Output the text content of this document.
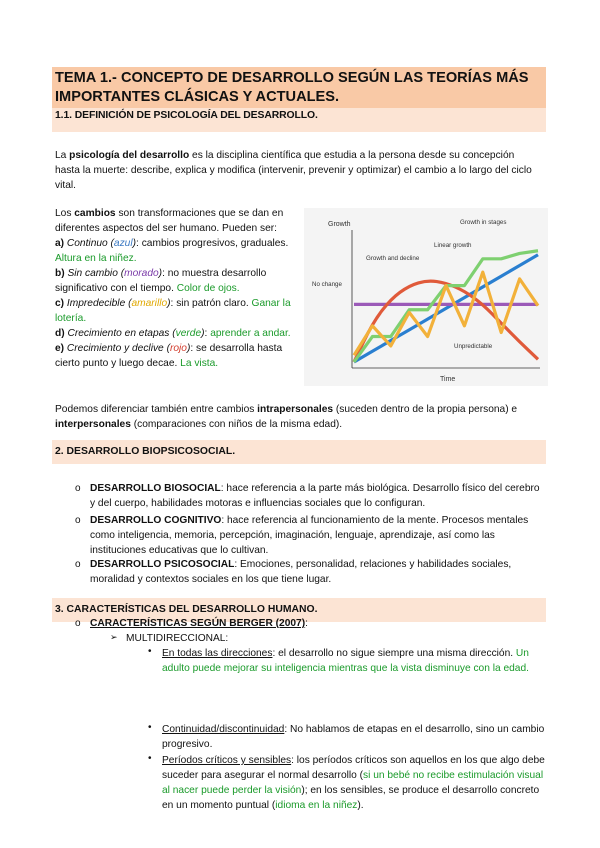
TEMA 1.- CONCEPTO DE DESARROLLO SEGÚN LAS TEORÍAS MÁS IMPORTANTES CLÁSICAS Y ACTUALES.
1.1. DEFINICIÓN DE PSICOLOGÍA DEL DESARROLLO.
La psicología del desarrollo es la disciplina científica que estudia a la persona desde su concepción hasta la muerte: describe, explica y modifica (intervenir, prevenir y optimizar) el cambio a lo largo del ciclo vital.
Los cambios son transformaciones que se dan en diferentes aspectos del ser humano. Pueden ser:
a) Continuo (azul): cambios progresivos, graduales. Altura en la niñez.
b) Sin cambio (morado): no muestra desarrollo significativo con el tiempo. Color de ojos.
c) Impredecible (amarillo): sin patrón claro. Ganar la lotería.
d) Crecimiento en etapas (verde): aprender a andar.
e) Crecimiento y declive (rojo): se desarrolla hasta cierto punto y luego decae. La vista.
Growth
Time
Growth in stages
Linear growth
Growth and decline
No change
Unpredictable
Podemos diferenciar también entre cambios intrapersonales (suceden dentro de la propia persona) e interpersonales (comparaciones con niños de la misma edad).
2. DESARROLLO BIOPSICOSOCIAL.
o DESARROLLO BIOSOCIAL: hace referencia a la parte más biológica. Desarrollo físico del cerebro y del cuerpo, habilidades motoras e influencias sociales que lo configuran.
o DESARROLLO COGNITIVO: hace referencia al funcionamiento de la mente. Procesos mentales como inteligencia, memoria, percepción, imaginación, lenguaje, aprendizaje, así como las instituciones educativas que lo cultivan.
o DESARROLLO PSICOSOCIAL: Emociones, personalidad, relaciones y habilidades sociales, moralidad y contextos sociales en los que tiene lugar.
3. CARACTERÍSTICAS DEL DESARROLLO HUMANO.
o CARACTERÍSTICAS SEGÚN BERGER (2007):
➢ MULTIDIRECCIONAL:
• En todas las direcciones: el desarrollo no sigue siempre una misma dirección. Un adulto puede mejorar su inteligencia mientras que la vista disminuye con la edad.
• Continuidad/discontinuidad: No hablamos de etapas en el desarrollo, sino un cambio progresivo.
• Períodos críticos y sensibles: los períodos críticos son aquellos en los que algo debe suceder para asegurar el normal desarrollo (si un bebé no recibe estimulación visual al nacer puede perder la visión); en los sensibles, se produce el desarrollo concreto en un momento puntual (idioma en la niñez).
